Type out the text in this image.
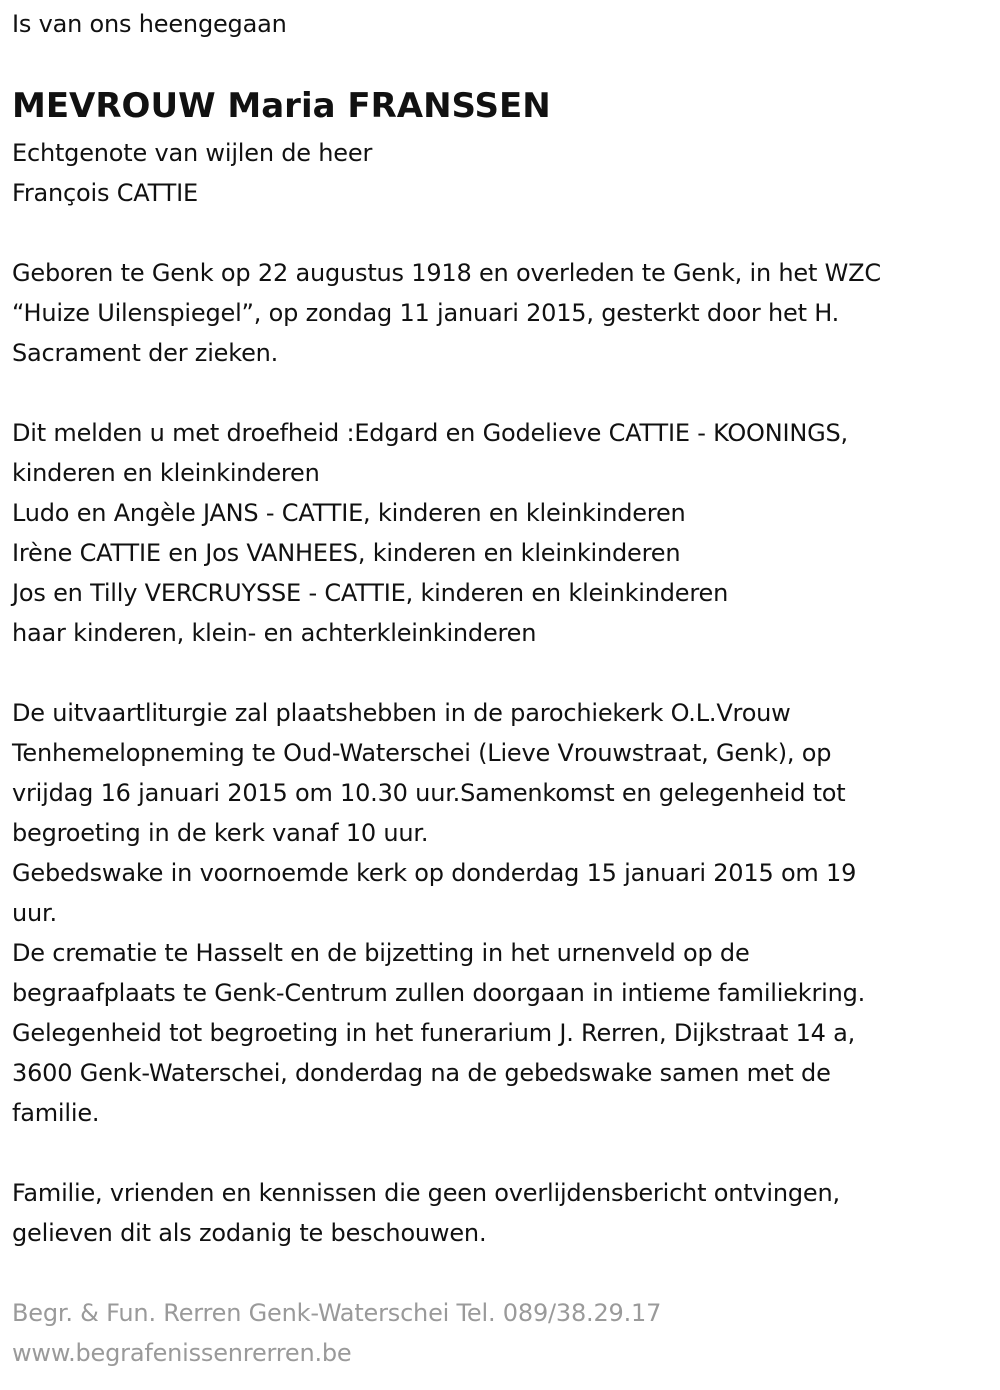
Is van ons heengegaan
MEVROUW Maria FRANSSEN
Echtgenote van wijlen de heer
François CATTIE
Geboren te Genk op 22 augustus 1918 en overleden te Genk, in het WZC
“Huize Uilenspiegel”, op zondag 11 januari 2015, gesterkt door het H.
Sacrament der zieken.
Dit melden u met droefheid :Edgard en Godelieve CATTIE - KOONINGS,
kinderen en kleinkinderen
Ludo en Angèle JANS - CATTIE, kinderen en kleinkinderen
Irène CATTIE en Jos VANHEES, kinderen en kleinkinderen
Jos en Tilly VERCRUYSSE - CATTIE, kinderen en kleinkinderen
haar kinderen, klein- en achterkleinkinderen
De uitvaartliturgie zal plaatshebben in de parochiekerk O.L.Vrouw
Tenhemelopneming te Oud-Waterschei (Lieve Vrouwstraat, Genk), op
vrijdag 16 januari 2015 om 10.30 uur.Samenkomst en gelegenheid tot
begroeting in de kerk vanaf 10 uur.
Gebedswake in voornoemde kerk op donderdag 15 januari 2015 om 19
uur.
De crematie te Hasselt en de bijzetting in het urnenveld op de
begraafplaats te Genk-Centrum zullen doorgaan in intieme familiekring.
Gelegenheid tot begroeting in het funerarium J. Rerren, Dijkstraat 14 a,
3600 Genk-Waterschei, donderdag na de gebedswake samen met de
familie.
Familie, vrienden en kennissen die geen overlijdensbericht ontvingen,
gelieven dit als zodanig te beschouwen.
Begr. & Fun. Rerren Genk-Waterschei Tel. 089/38.29.17
www.begrafenissenrerren.be
